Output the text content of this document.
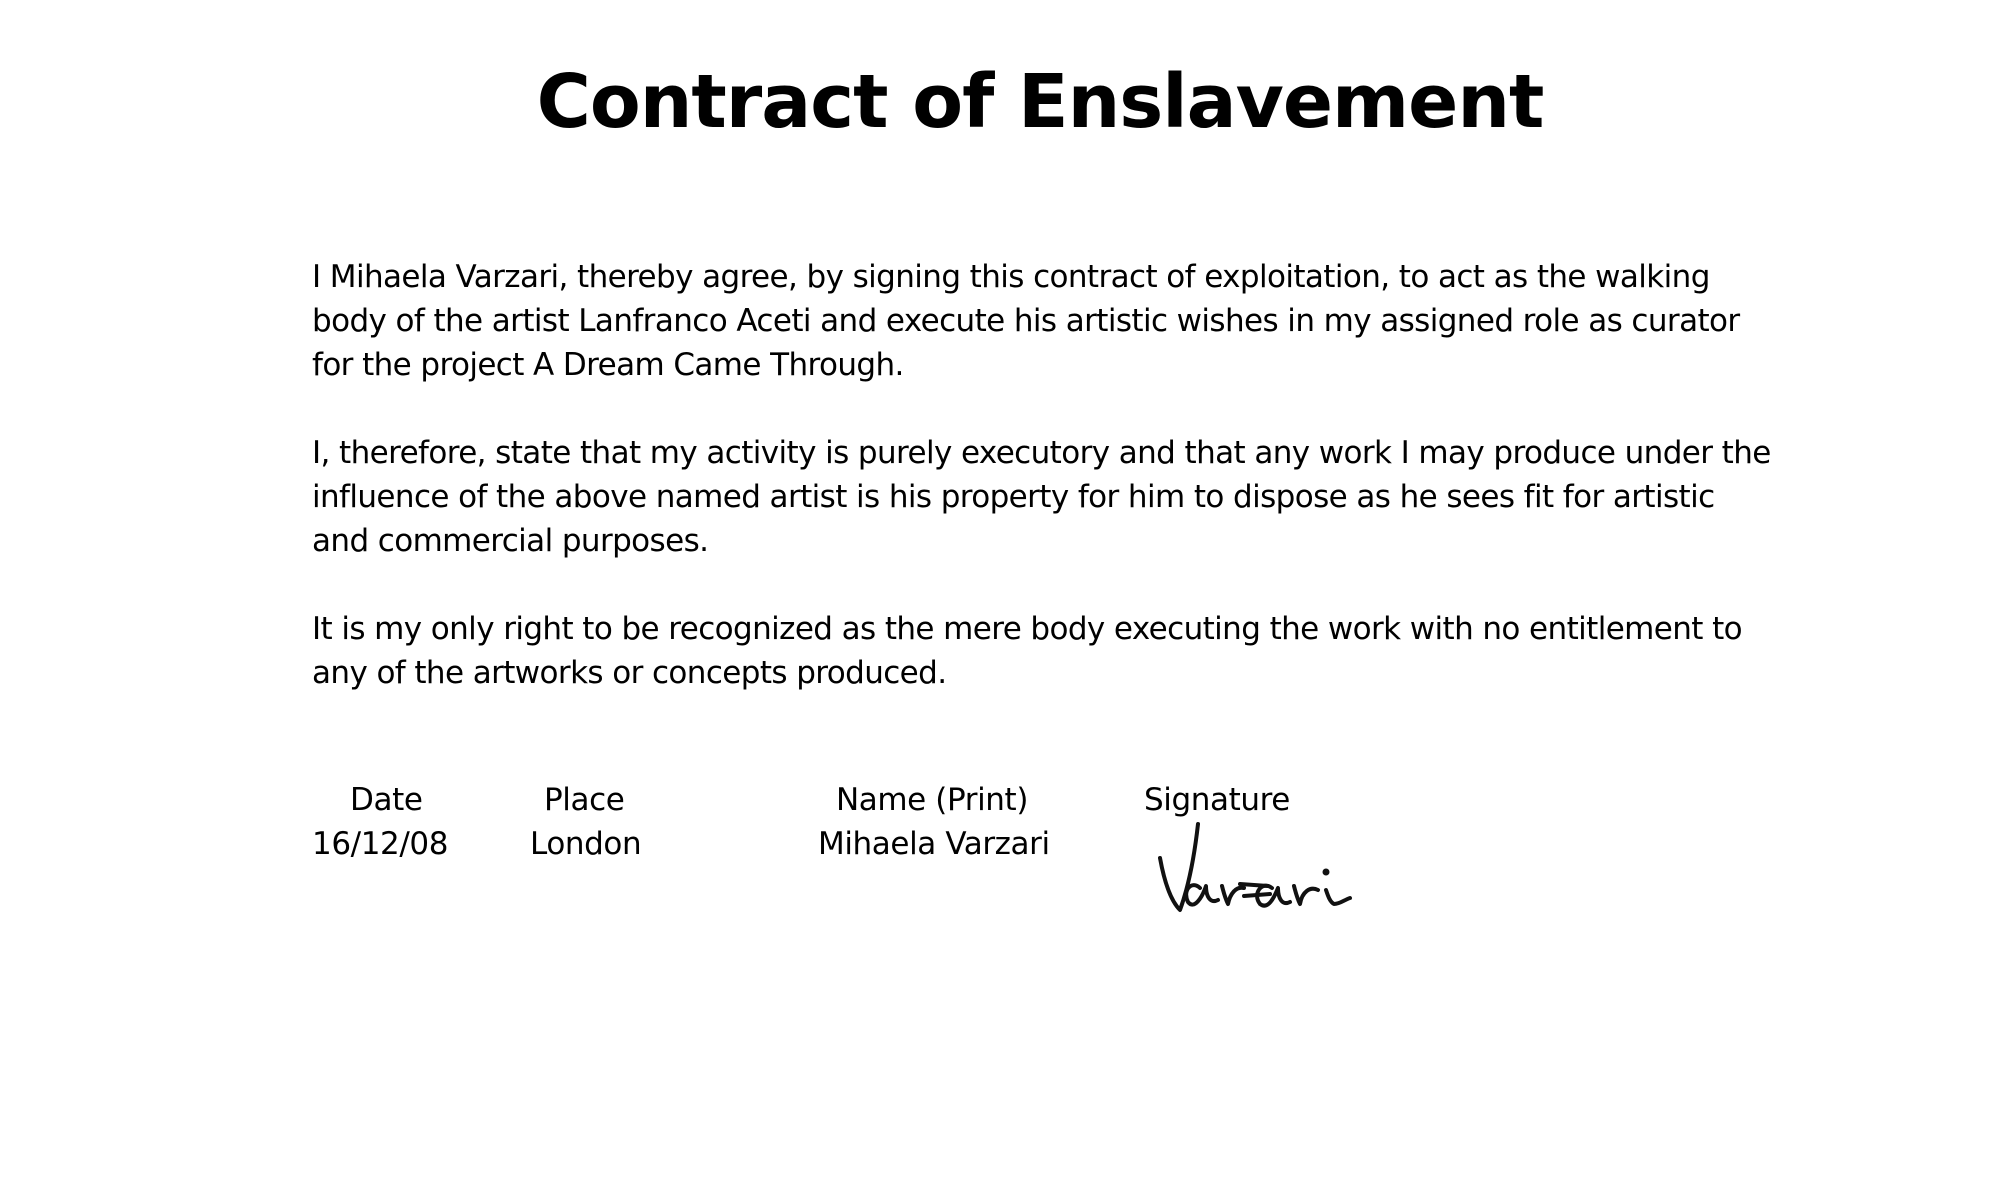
Contract of Enslavement

I Mihaela Varzari, thereby agree, by signing this contract of exploitation, to act as the walking body of the artist Lanfranco Aceti and execute his artistic wishes in my assigned role as curator for the project A Dream Came Through.

I, therefore, state that my activity is purely executory and that any work I may produce under the influence of the above named artist is his property for him to dispose as he sees fit for artistic and commercial purposes.

It is my only right to be recognized as the mere body executing the work with no entitlement to any of the artworks or concepts produced.

Date
16/12/08
Place
London
Name (Print)
Mihaela Varzari
Signature
